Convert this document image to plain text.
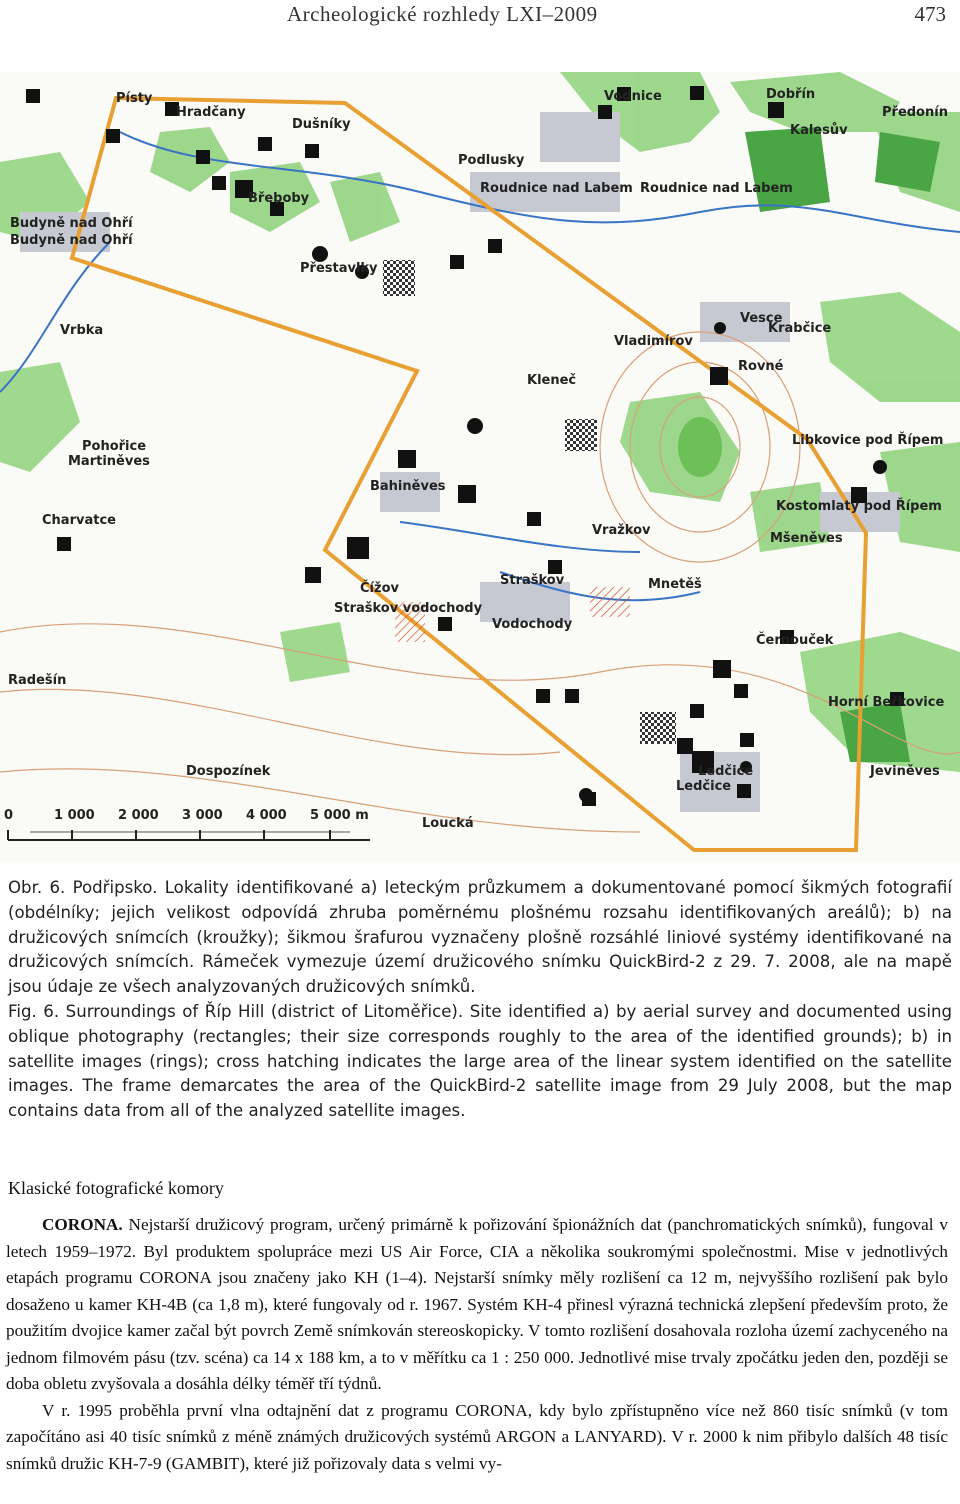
Archeologické rozhledy LXI–2009	473
Písty
Hradčany
Dušníky
Vodnice	Dobřín
Předonín
Kalesův
Podlusky
Roudnice nad Labem Roudnice nad Labem
Břeboby
Budyně nad Ohří
Budyně nad Ohří
Přestavlky
Vrbka
Vesce
Krabčice
Vladimírov
Rovné
Kleneč
Pohořice
Martiněves
Libkovice pod Řípem
Bahiněves
Kostomlaty pod Řípem
Charvatce
Vražkov
Mšeněves
Straškov	Mnetěš
Čížov
Straškov vodochody
Vodochody
Černouček
Radešín
Horní Beřkovice
Dospozínek	Ledčice
Ledčice
Jeviněves
Loucká
0	1 000 2 000 3 000 4 000 5 000 m

Obr. 6. Podřipsko. Lokality identifikované a) leteckým průzkumem a dokumentované pomocí šikmých fotografií (obdélníky; jejich velikost odpovídá zhruba poměrnému plošnému rozsahu identifikovaných areálů); b) na družicových snímcích (kroužky); šikmou šrafurou vyznačeny plošně rozsáhlé liniové systémy identifikované na družicových snímcích. Rámeček vymezuje území družicového snímku QuickBird-2 z 29. 7. 2008, ale na mapě jsou údaje ze všech analyzovaných družicových snímků.

Fig. 6. Surroundings of Říp Hill (district of Litoměřice). Site identified a) by aerial survey and documented using oblique photography (rectangles; their size corresponds roughly to the area of the identified grounds); b) in satellite images (rings); cross hatching indicates the large area of the linear system identified on the satellite images. The frame demarcates the area of the QuickBird-2 satellite image from 29 July 2008, but the map contains data from all of the analyzed satellite images.

Klasické fotografické komory

CORONA. Nejstarší družicový program, určený primárně k pořizování špionážních dat (panchromatických snímků), fungoval v letech 1959–1972. Byl produktem spolupráce mezi US Air Force, CIA a několika soukromými společnostmi. Mise v jednotlivých etapách programu CORONA jsou značeny jako KH (1–4). Nejstarší snímky měly rozlišení ca 12 m, nejvyššího rozlišení pak bylo dosaženo u kamer KH-4B (ca 1,8 m), které fungovaly od r. 1967. Systém KH-4 přinesl výrazná technická zlepšení především proto, že použitím dvojice kamer začal být povrch Země snímkován stereoskopicky. V tomto rozlišení dosahovala rozloha území zachyceného na jednom filmovém pásu (tzv. scéna) ca 14 x 188 km, a to v měřítku ca 1 : 250 000. Jednotlivé mise trvaly zpočátku jeden den, později se doba obletu zvyšovala a dosáhla délky téměř tří týdnů.

V r. 1995 proběhla první vlna odtajnění dat z programu CORONA, kdy bylo zpřístupněno více než 860 tisíc snímků (v tom započítáno asi 40 tisíc snímků z méně známých družicových systémů ARGON a LANYARD). V r. 2000 k nim přibylo dalších 48 tisíc snímků družic KH-7-9 (GAMBIT), které již pořizovaly data s velmi vy-
